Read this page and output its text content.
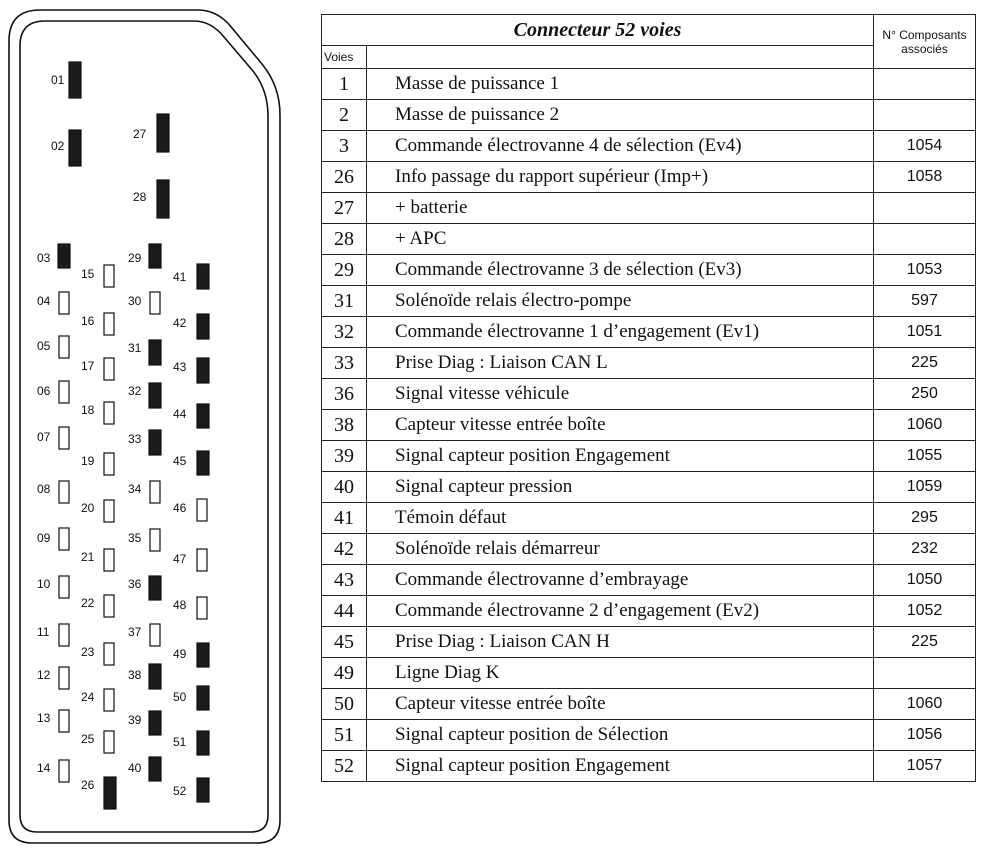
01
02
27
28
03
04
05
06
07
08
09
10
11
12
13
14
15
16
17
18
19
20
21
22
23
24
25
26
29
30
31
32
33
34
35
36
37
38
39
40
41
42
43
44
45
46
47
48
49
50
51
52
Connecteur 52 voies		N° Composants associés
Voies		
1	Masse de puissance 1	
2	Masse de puissance 2	
3	Commande électrovanne 4 de sélection (Ev4)	1054
26	Info passage du rapport supérieur (Imp+)	1058
27	+ batterie	
28	+ APC	
29	Commande électrovanne 3 de sélection (Ev3)	1053
31	Solénoïde relais électro-pompe	597
32	Commande électrovanne 1 d’engagement (Ev1)	1051
33	Prise Diag : Liaison CAN L	225
36	Signal vitesse véhicule	250
38	Capteur vitesse entrée boîte	1060
39	Signal capteur position Engagement	1055
40	Signal capteur pression	1059
41	Témoin défaut	295
42	Solénoïde relais démarreur	232
43	Commande électrovanne d’embrayage	1050
44	Commande électrovanne 2 d’engagement (Ev2)	1052
45	Prise Diag : Liaison CAN H	225
49	Ligne Diag K	
50	Capteur vitesse entrée boîte	1060
51	Signal capteur position de Sélection	1056
52	Signal capteur position Engagement	1057
